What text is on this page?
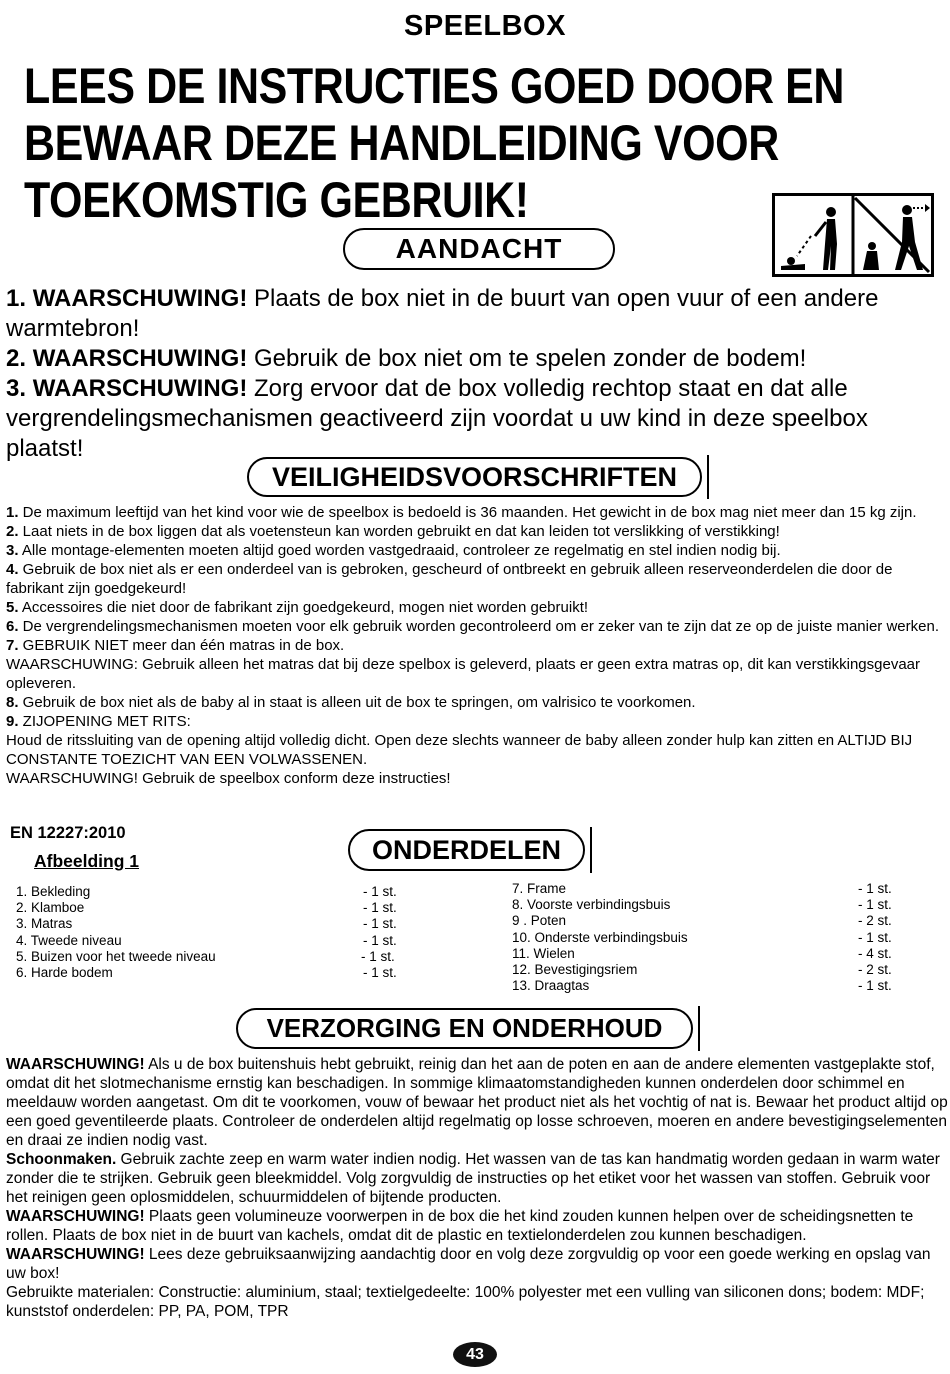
SPEELBOX
LEES DE INSTRUCTIES GOED DOOR EN
BEWAAR DEZE HANDLEIDING VOOR
TOEKOMSTIG GEBRUIK!
AANDACHT

1. WAARSCHUWING! Plaats de box niet in de buurt van open vuur of een andere warmtebron!

2. WAARSCHUWING! Gebruik de box niet om te spelen zonder de bodem!

3. WAARSCHUWING! Zorg ervoor dat de box volledig rechtop staat en dat alle vergrendelingsmechanismen geactiveerd zijn voordat u uw kind in deze speelbox plaatst!

VEILIGHEIDSVOORSCHRIFTEN

1. De maximum leeftijd van het kind voor wie de speelbox is bedoeld is 36 maanden. Het gewicht in de box mag niet meer dan 15 kg zijn.

2. Laat niets in de box liggen dat als voetensteun kan worden gebruikt en dat kan leiden tot verslikking of verstikking!

3. Alle montage-elementen moeten altijd goed worden vastgedraaid, controleer ze regelmatig en stel indien nodig bij.

4. Gebruik de box niet als er een onderdeel van is gebroken, gescheurd of ontbreekt en gebruik alleen reserveonderdelen die door de fabrikant zijn goedgekeurd!

5. Accessoires die niet door de fabrikant zijn goedgekeurd, mogen niet worden gebruikt!

6. De vergrendelingsmechanismen moeten voor elk gebruik worden gecontroleerd om er zeker van te zijn dat ze op de juiste manier werken.

7. GEBRUIK NIET meer dan één matras in de box.

WAARSCHUWING: Gebruik alleen het matras dat bij deze spelbox is geleverd, plaats er geen extra matras op, dit kan verstikkingsgevaar opleveren.

8. Gebruik de box niet als de baby al in staat is alleen uit de box te springen, om valrisico te voorkomen.

9. ZIJOPENING MET RITS:

Houd de ritssluiting van de opening altijd volledig dicht. Open deze slechts wanneer de baby alleen zonder hulp kan zitten en ALTIJD BIJ CONSTANTE TOEZICHT VAN EEN VOLWASSENEN.

WAARSCHUWING! Gebruik de speelbox conform deze instructies!

EN 12227:2010
Afbeelding 1	ONDERDELEN
1. Bekleding	- 1 st.
2. Klamboe	- 1 st.
3. Matras	- 1 st.
4. Tweede niveau	- 1 st.
5. Buizen voor het tweede niveau	- 1 st.
6. Harde bodem	- 1 st.
7. Frame	- 1 st.
8. Voorste verbindingsbuis	- 1 st.
9 . Poten	- 2 st.
10. Onderste verbindingsbuis	- 1 st.
11. Wielen	- 4 st.
12. Bevestigingsriem	- 2 st.
13. Draagtas	- 1 st.
VERZORGING EN ONDERHOUD

WAARSCHUWING! Als u de box buitenshuis hebt gebruikt, reinig dan het aan de poten en aan de andere elementen vastgeplakte stof, omdat dit het slotmechanisme ernstig kan beschadigen. In sommige klimaatomstandigheden kunnen onderdelen door schimmel en meeldauw worden aangetast. Om dit te voorkomen, vouw of bewaar het product niet als het vochtig of nat is. Bewaar het product altijd op een goed geventileerde plaats. Controleer de onderdelen altijd regelmatig op losse schroeven, moeren en andere bevestigingselementen en draai ze indien nodig vast.

Schoonmaken. Gebruik zachte zeep en warm water indien nodig. Het wassen van de tas kan handmatig worden gedaan in warm water zonder die te strijken. Gebruik geen bleekmiddel. Volg zorgvuldig de instructies op het etiket voor het wassen van stoffen. Gebruik voor het reinigen geen oplosmiddelen, schuurmiddelen of bijtende producten.

WAARSCHUWING! Plaats geen volumineuze voorwerpen in de box die het kind zouden kunnen helpen over de scheidingsnetten te rollen. Plaats de box niet in de buurt van kachels, omdat dit de plastic en textielonderdelen zou kunnen beschadigen.

WAARSCHUWING! Lees deze gebruiksaanwijzing aandachtig door en volg deze zorgvuldig op voor een goede werking en opslag van uw box!

Gebruikte materialen: Constructie: aluminium, staal; textielgedeelte: 100% polyester met een vulling van siliconen dons; bodem: MDF; kunststof onderdelen: PP, PA, POM, TPR

43
